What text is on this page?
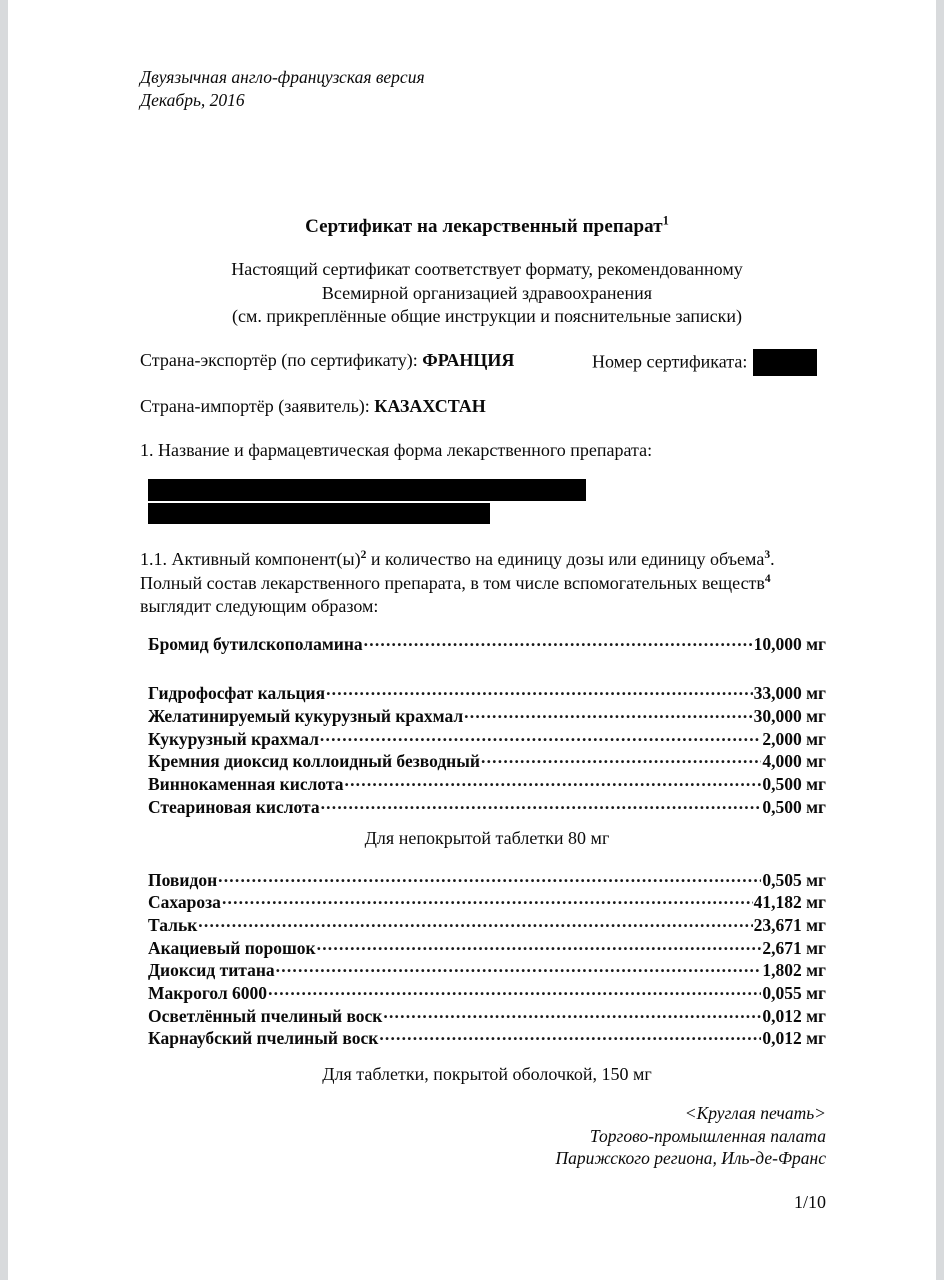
Двуязычная англо-французская версия
Декабрь, 2016
Сертификат на лекарственный препарат$^1$
Настоящий сертификат соответствует формату, рекомендованному
Всемирной организацией здравоохранения
(см. прикреплённые общие инструкции и пояснительные записки)
Страна-экспортёр (по сертификату): ФРАНЦИЯ	Номер сертификата:
Страна-импортёр (заявитель): КАЗАХСТАН
1. Название и фармацевтическая форма лекарственного препарата:
1.1. Активный $компонент(ы)^2$ и количество на единицу дозы или единицу объема$^3$. Полный состав лекарственного препарата, в том числе вспомогательных веществ$^4$ выглядит следующим образом:
Бромид бутилскополамина .....	10,000 мг
Гидрофосфат кальция .....	33,000 мг
Желатинируемый кукурузный крахмал .....	30,000 мг
Кукурузный крахмал .....	2,000 мг
Кремния диоксид коллоидный безводный .....	4,000 мг
Виннокаменная кислота .....	0,500 мг
Стеариновая кислота .....	0,500 мг
Для непокрытой таблетки 80 мг
Повидон .....	0,505 мг
Сахароза .....	41,182 мг
Тальк .....	23,671 мг
Акациевый порошок .....	2,671 мг
Диоксид титана .....	1,802 мг
Макрогол 6000 .....	0,055 мг
Осветлённый пчелиный воск .....	0,012 мг
Карнаубский пчелиный воск .....	0,012 мг
Для таблетки, покрытой оболочкой, 150 мг
<Круглая печать>
Торгово-промышленная палата
Парижского региона, Иль-де-Франс
1/10
